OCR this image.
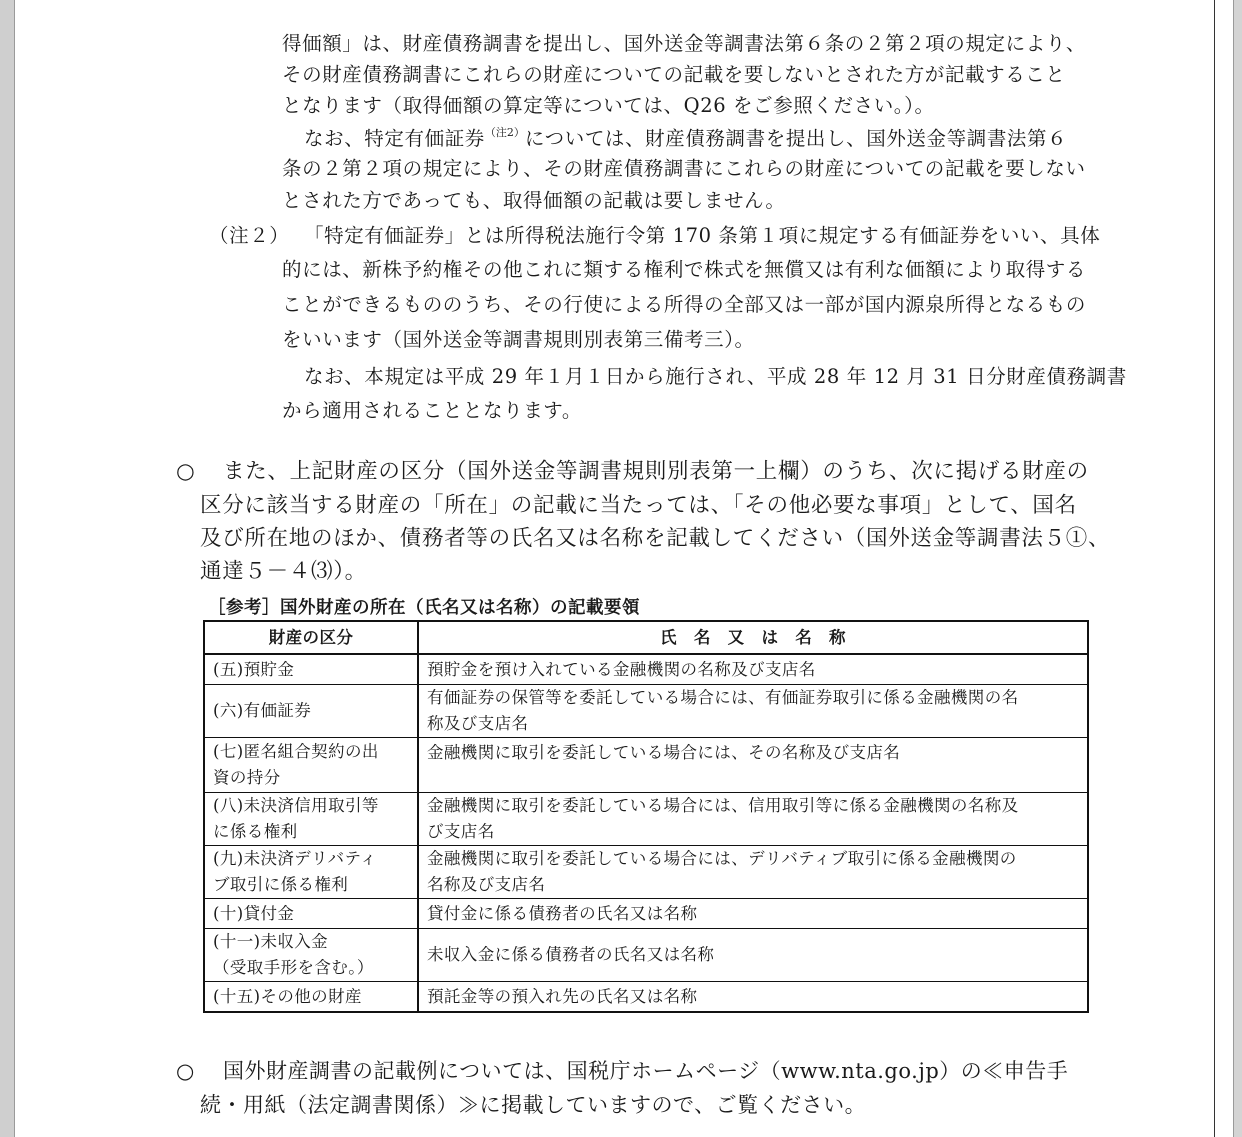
得価額」は、財産債務調書を提出し、国外送金等調書法第６条の２第２項の規定により、
その財産債務調書にこれらの財産についての記載を要しないとされた方が記載すること
となります（取得価額の算定等については、Q26 をご参照ください。）。
なお、特定有価証券$^{(注2)}$については、財産債務調書を提出し、国外送金等調書法第６
条の２第２項の規定により、その財産債務調書にこれらの財産についての記載を要しない
とされた方であっても、取得価額の記載は要しません。
（注２） 「特定有価証券」とは所得税法施行令第 170 条第１項に規定する有価証券をいい、具体
的には、新株予約権その他これに類する権利で株式を無償又は有利な価額により取得する
ことができるもののうち、その行使による所得の全部又は一部が国内源泉所得となるもの
をいいます（国外送金等調書規則別表第三備考三）。
なお、本規定は平成 29 年１月１日から施行され、平成 28 年 12 月 31 日分財産債務調書
から適用されることとなります。
○ また、上記財産の区分（国外送金等調書規則別表第一上欄）のうち、次に掲げる財産の
区分に該当する財産の「所在」の記載に当たっては、「その他必要な事項」として、国名
及び所在地のほか、債務者等の氏名又は名称を記載してください（国外送金等調書法５①、
通達５－４⑶）。
［参考］国外財産の所在（氏名又は名称）の記載要領
財産の区分	氏　名　又　は　名　称

(五)預貯金	預貯金を預け入れている金融機関の名称及び支店名

(六)有価証券	有価証券の保管等を委託している場合には、有価証券取引に係る金融機関の名
称及び支店名

(七)匿名組合契約の出
資の持分	金融機関に取引を委託している場合には、その名称及び支店名

(八)未決済信用取引等
に係る権利	金融機関に取引を委託している場合には、信用取引等に係る金融機関の名称及
び支店名

(九)未決済デリバティ
ブ取引に係る権利	金融機関に取引を委託している場合には、デリバティブ取引に係る金融機関の
名称及び支店名

(十)貸付金	貸付金に係る債務者の氏名又は名称

(十一)未収入金
（受取手形を含む。）	未収入金に係る債務者の氏名又は名称

(十五)その他の財産	預託金等の預入れ先の氏名又は名称
○ 国外財産調書の記載例については、国税庁ホームページ（www.nta.go.jp）の≪申告手
続・用紙（法定調書関係）≫に掲載していますので、ご覧ください。
